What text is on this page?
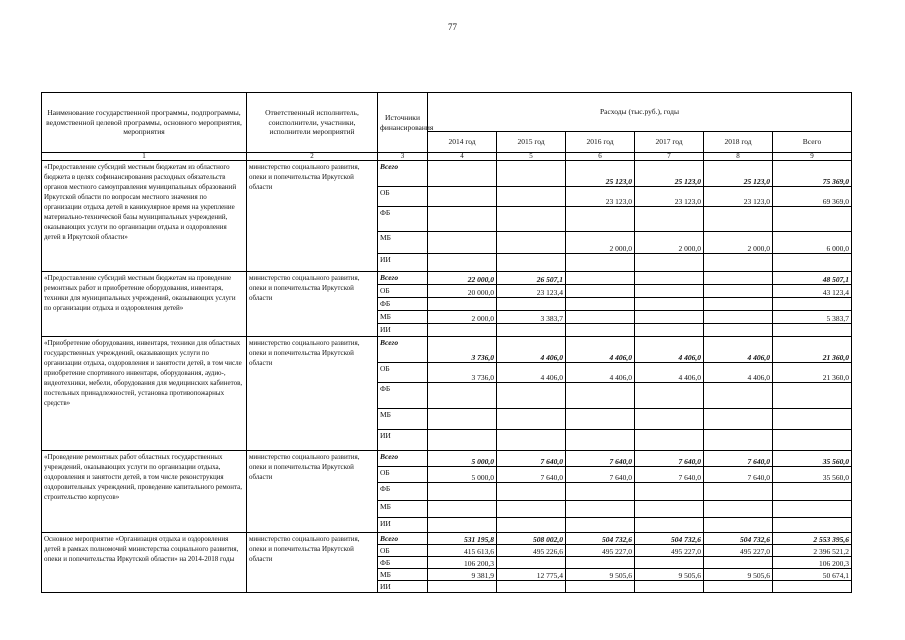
77
Наименование государственной программы, подпрограммы, ведомственной целевой программы, основного мероприятия, мероприятия	Ответственный исполнитель, соисполнители, участники, исполнители мероприятий	Источники финансирования	Расходы (тыс.руб.), годы					
			2014 год	2015 год	2016 год	2017 год	2018 год	Всего
1	2	3	4	5	6	7	8	9
«Предоставление субсидий местным бюджетам из областного бюджета в целях софинансирования расходных обязательств органов местного самоуправления муниципальных образований Иркутской области по вопросам местного значения по организации отдыха детей в каникулярное время на укрепление материально-технической базы муниципальных учреждений, оказывающих услуги по организации отдыха и оздоровления детей в Иркутской области»	министерство социального развития, опеки и попечительства Иркутской области	Всего			25 123,0	25 123,0	25 123,0	75 369,0
		ОБ			23 123,0	23 123,0	23 123,0	69 369,0
		ФБ						
		МБ			2 000,0	2 000,0	2 000,0	6 000,0
		ИИ						
«Предоставление субсидий местным бюджетам на проведение ремонтных работ и приобретение оборудования, инвентаря, техники для муниципальных учреждений, оказывающих услуги по организации отдыха и оздоровления детей»	министерство социального развития, опеки и попечительства Иркутской области	Всего	22 000,0	26 507,1				48 507,1
		ОБ	20 000,0	23 123,4				43 123,4
		ФБ						
		МБ	2 000,0	3 383,7				5 383,7
		ИИ						
«Приобретение оборудования, инвентаря, техники для областных государственных учреждений, оказывающих услуги по организации отдыха, оздоровления и занятости детей, в том числе приобретение спортивного инвентаря, оборудования, аудио-, видеотехники, мебели, оборудования для медицинских кабинетов, постельных принадлежностей, установка противопожарных средств»	министерство социального развития, опеки и попечительства Иркутской области	Всего	3 736,0	4 406,0	4 406,0	4 406,0	4 406,0	21 360,0
		ОБ	3 736,0	4 406,0	4 406,0	4 406,0	4 406,0	21 360,0
		ФБ						
		МБ						
		ИИ						
«Проведение ремонтных работ областных государственных учреждений, оказывающих услуги по организации отдыха, оздоровления и занятости детей, в том числе реконструкция оздоровительных учреждений, проведение капитального ремонта, строительство корпусов»	министерство социального развития, опеки и попечительства Иркутской области	Всего	5 000,0	7 640,0	7 640,0	7 640,0	7 640,0	35 560,0
		ОБ	5 000,0	7 640,0	7 640,0	7 640,0	7 640,0	35 560,0
		ФБ						
		МБ						
		ИИ						
Основное мероприятие «Организация отдыха и оздоровления детей в рамках полномочий министерства социального развития, опеки и попечительства Иркутской области» на 2014-2018 годы	министерство социального развития, опеки и попечительства Иркутской области	Всего	531 195,8	508 002,0	504 732,6	504 732,6	504 732,6	2 553 395,6
		ОБ	415 613,6	495 226,6	495 227,0	495 227,0	495 227,0	2 396 521,2
		ФБ	106 200,3					106 200,3
		МБ	9 381,9	12 775,4	9 505,6	9 505,6	9 505,6	50 674,1
		ИИ						
